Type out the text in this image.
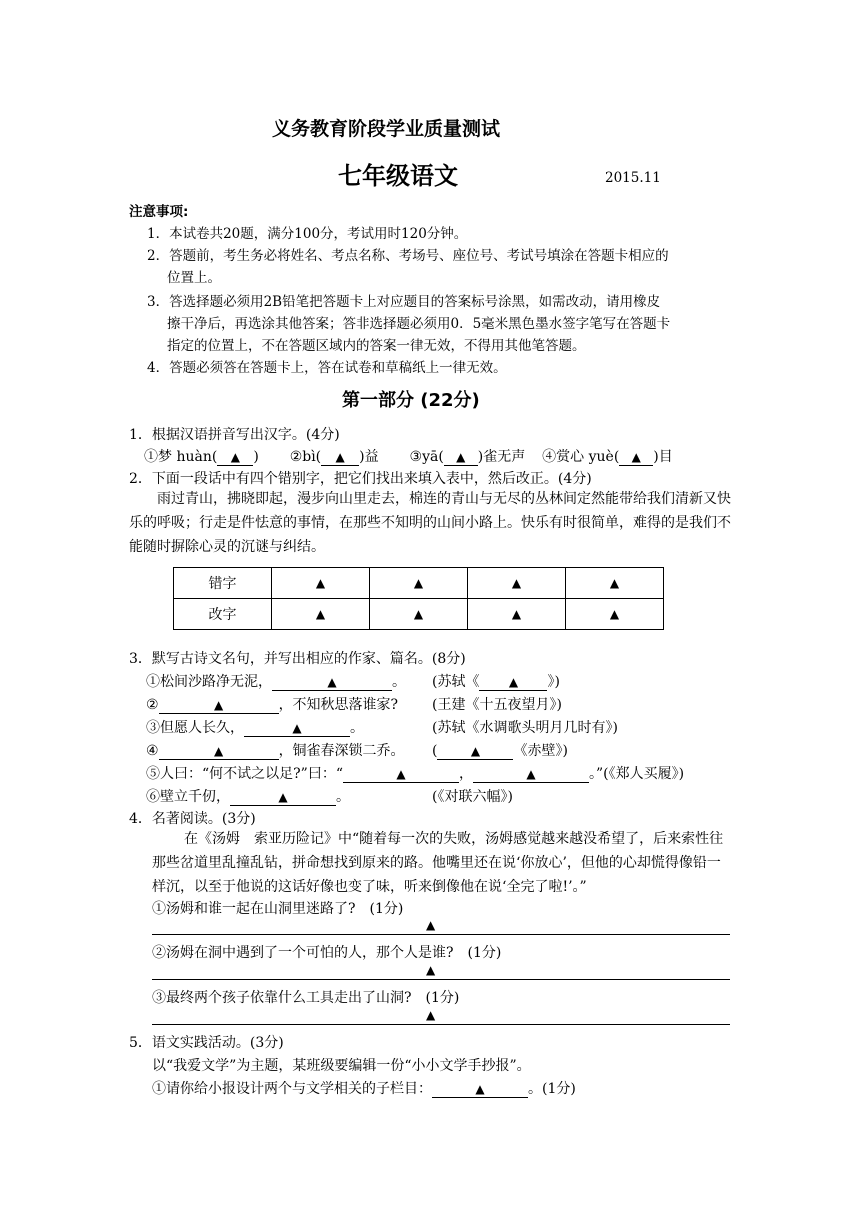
义务教育阶段学业质量测试
七年级语文	2015.11
注意事项:
1．本试卷共20题，满分100分，考试用时120分钟。
2．答题前，考生务必将姓名、考点名称、考场号、座位号、考试号填涂在答题卡相应的
位置上。
3．答选择题必须用2B铅笔把答题卡上对应题目的答案标号涂黑，如需改动，请用橡皮
擦干净后，再选涂其他答案；答非选择题必须用0．5毫米黑色墨水签字笔写在答题卡
指定的位置上，不在答题区域内的答案一律无效，不得用其他笔答题。
4．答题必须答在答题卡上，答在试卷和草稿纸上一律无效。
第一部分 (22分)
1．根据汉语拼音写出汉字。(4分)
①梦 huàn( ▲ ) ②bì( ▲ )益 ③yā( ▲ )雀无声 ④赏心 yuè( ▲ )目
2．下面一段话中有四个错别字，把它们找出来填入表中，然后改正。(4分)
雨过青山，拂晓即起，漫步向山里走去，棉连的青山与无尽的丛林间定然能带给我们清新又快乐的呼吸；行走是件怯意的事情，在那些不知明的山间小路上。快乐有时很简单，难得的是我们不能随时摒除心灵的沉谜与纠结。
错字	▲	▲	▲	▲
改字	▲	▲	▲	▲
3．默写古诗文名句，并写出相应的作家、篇名。(8分)
①松间沙路净无泥，	▲	。 (苏轼《 ▲ 》)
②	▲	，不知秋思落谁家? (王建《十五夜望月》)
③但愿人长久，	▲	。	(苏轼《水调歌头明月几时有》)
④	▲	，铜雀春深锁二乔。 (	▲ 《赤壁》)
⑤人曰：“何不试之以足?”曰：“	▲	，	▲	。”(《郑人买履》)
⑥壁立千仞，	▲	。	(《对联六幅》)
4．名著阅读。(3分)
在《汤姆　索亚历险记》中“随着每一次的失败，汤姆感觉越来越没希望了，后来索性往那些岔道里乱撞乱钻，拼命想找到原来的路。他嘴里还在说‘你放心’，但他的心却慌得像铅一样沉，以至于他说的这话好像也变了味，听来倒像他在说‘全完了啦!’。”
①汤姆和谁一起在山洞里迷路了?　(1分)
▲
②汤姆在洞中遇到了一个可怕的人，那个人是谁?　(1分)
▲
③最终两个孩子依靠什么工具走出了山洞?　(1分)
▲
5．语文实践活动。(3分)
以“我爱文学”为主题，某班级要编辑一份“小小文学手抄报”。
①请你给小报设计两个与文学相关的子栏目：	▲	。(1分)
